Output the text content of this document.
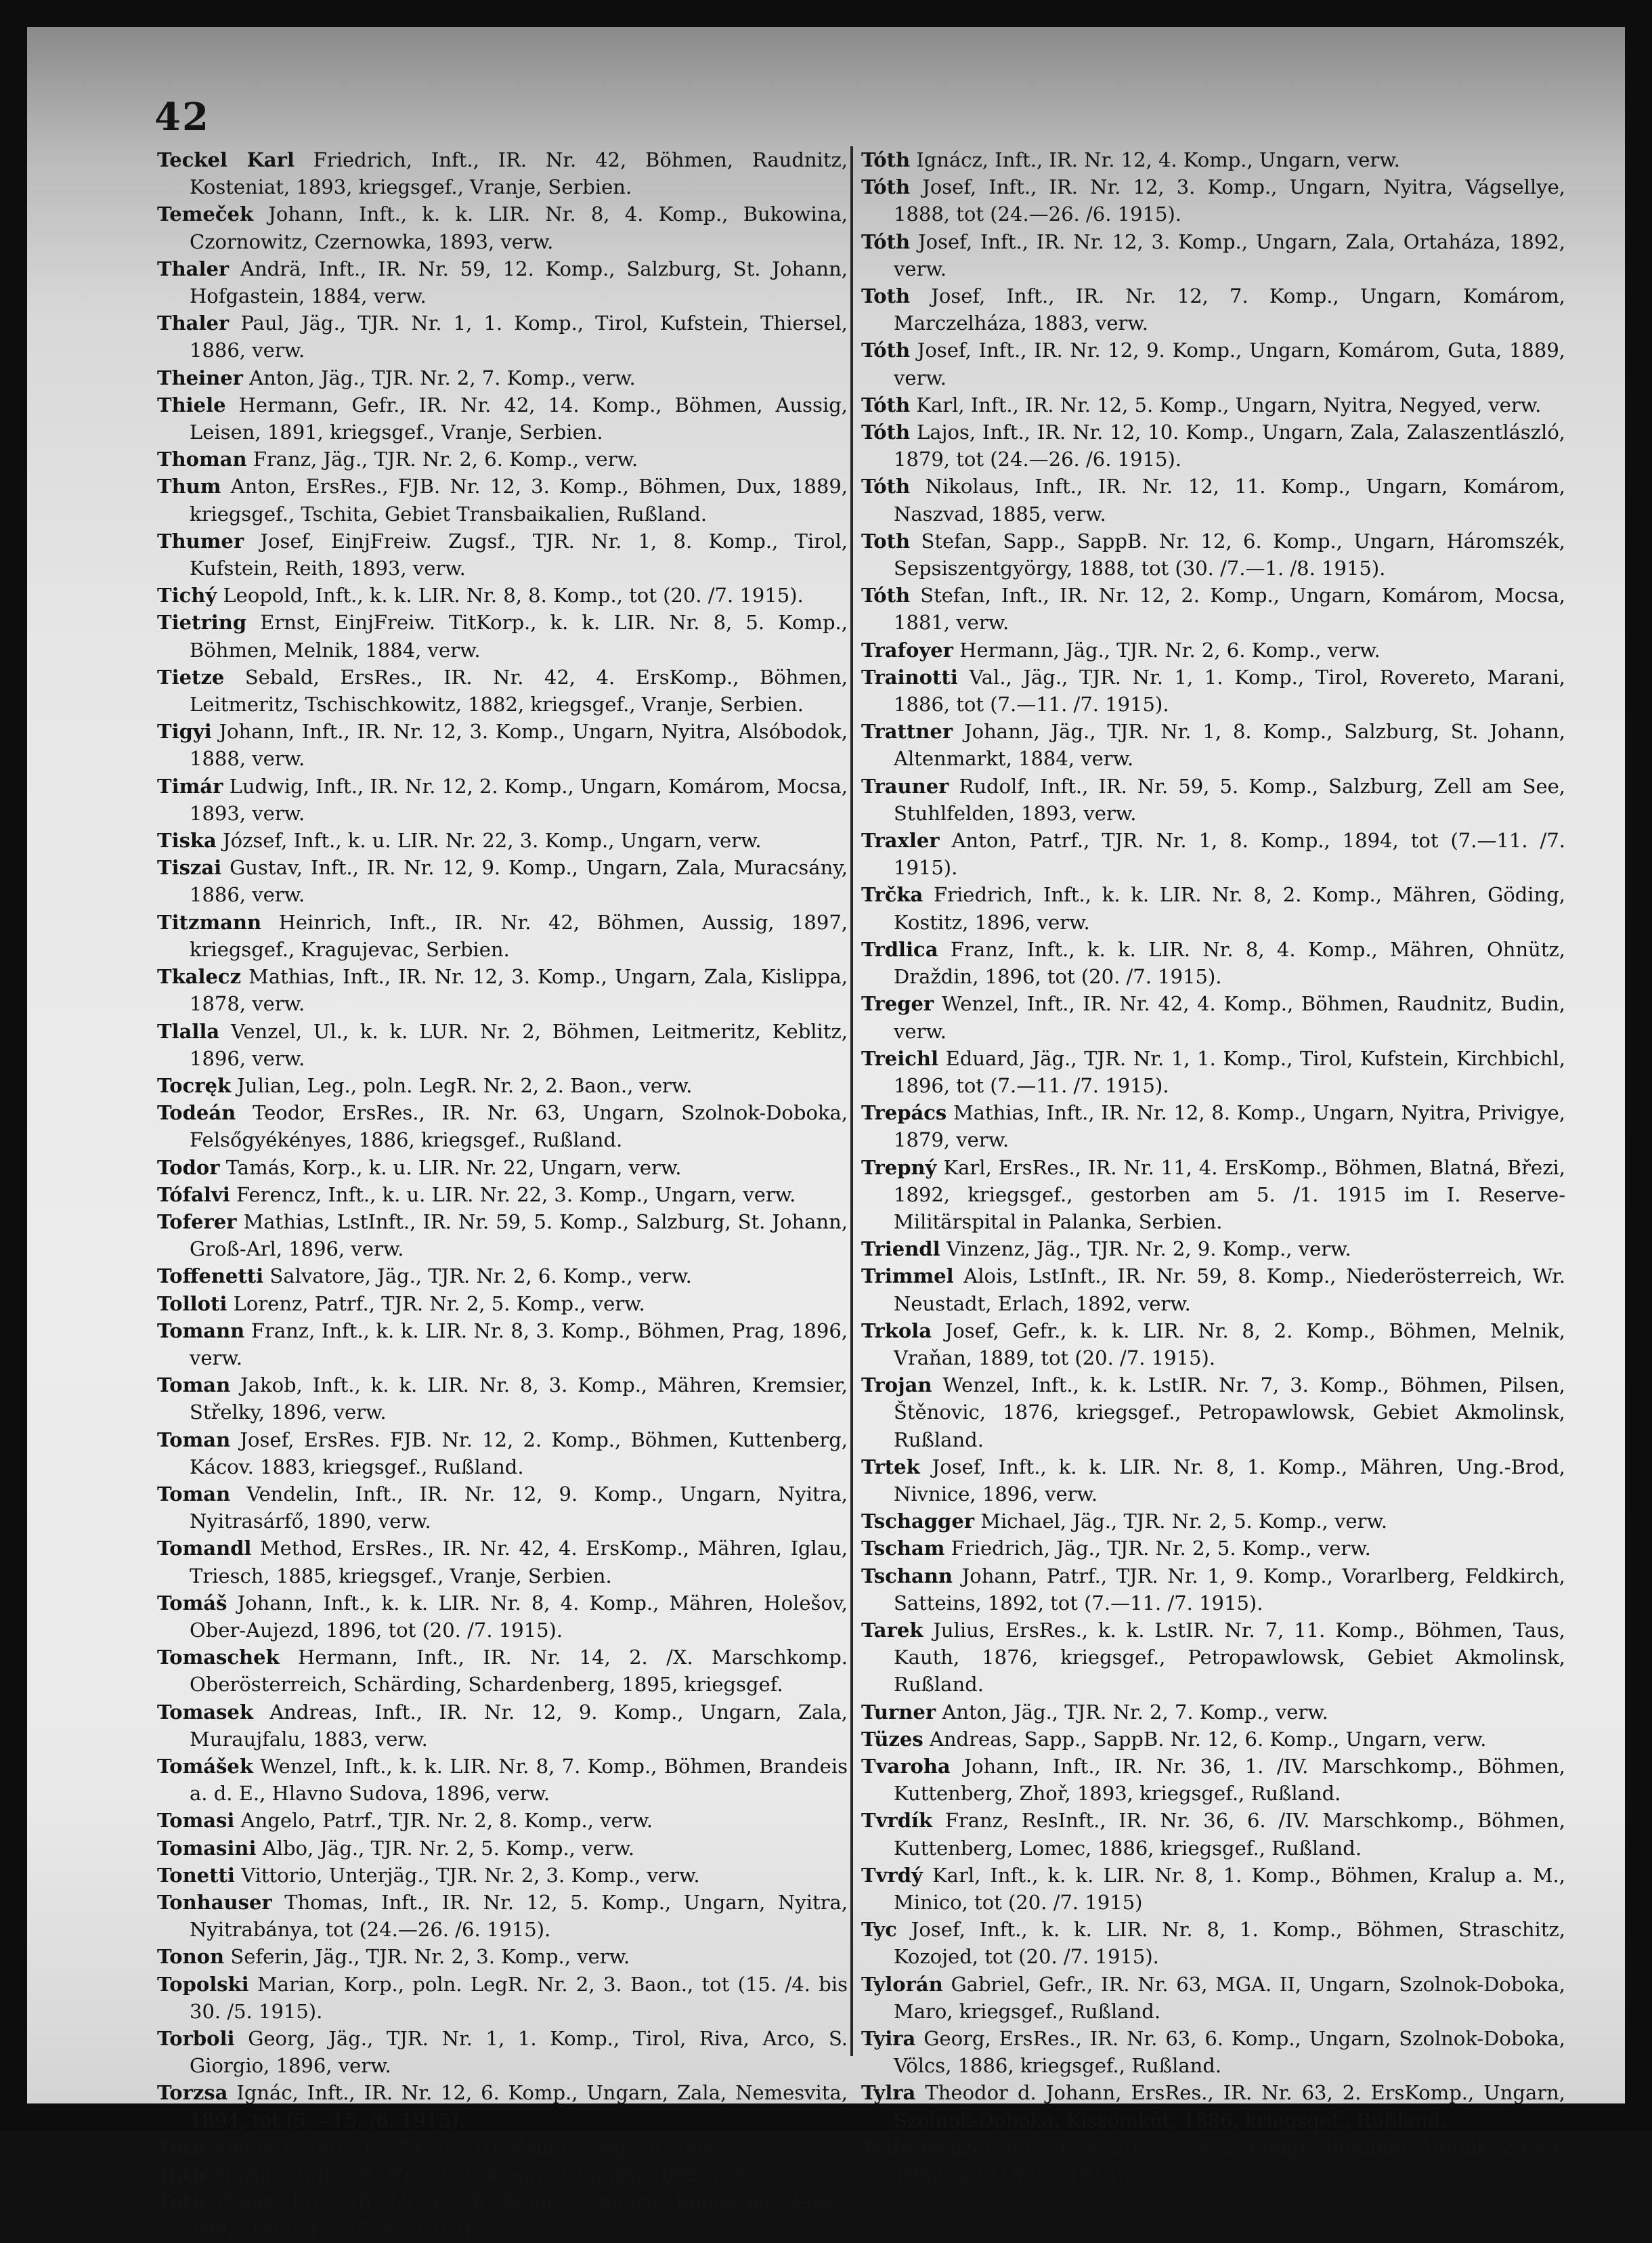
42

Teckel Karl Friedrich, Inft., IR. Nr. 42, Böhmen, Raudnitz, Kosteniat, 1893, kriegsgef., Vranje, Serbien.

Temeček Johann, Inft., k. k. LIR. Nr. 8, 4. Komp., Bukowina, Czornowitz, Czernowka, 1893, verw.

Thaler Andrä, Inft., IR. Nr. 59, 12. Komp., Salzburg, St. Johann, Hofgastein, 1884, verw.

Thaler Paul, Jäg., TJR. Nr. 1, 1. Komp., Tirol, Kufstein, Thiersel, 1886, verw.

Theiner Anton, Jäg., TJR. Nr. 2, 7. Komp., verw.

Thiele Hermann, Gefr., IR. Nr. 42, 14. Komp., Böhmen, Aussig, Leisen, 1891, kriegsgef., Vranje, Serbien.

Thoman Franz, Jäg., TJR. Nr. 2, 6. Komp., verw.

Thum Anton, ErsRes., FJB. Nr. 12, 3. Komp., Böhmen, Dux, 1889, kriegsgef., Tschita, Gebiet Transbaikalien, Rußland.

Thumer Josef, EinjFreiw. Zugsf., TJR. Nr. 1, 8. Komp., Tirol, Kufstein, Reith, 1893, verw.

Tichý Leopold, Inft., k. k. LIR. Nr. 8, 8. Komp., tot (20. /7. 1915).

Tietring Ernst, EinjFreiw. TitKorp., k. k. LIR. Nr. 8, 5. Komp., Böhmen, Melnik, 1884, verw.

Tietze Sebald, ErsRes., IR. Nr. 42, 4. ErsKomp., Böhmen, Leitmeritz, Tschischkowitz, 1882, kriegsgef., Vranje, Serbien.

Tigyi Johann, Inft., IR. Nr. 12, 3. Komp., Ungarn, Nyitra, Alsóbodok, 1888, verw.

Timár Ludwig, Inft., IR. Nr. 12, 2. Komp., Ungarn, Komárom, Mocsa, 1893, verw.

Tiska József, Inft., k. u. LIR. Nr. 22, 3. Komp., Ungarn, verw.

Tiszai Gustav, Inft., IR. Nr. 12, 9. Komp., Ungarn, Zala, Muracsány, 1886, verw.

Titzmann Heinrich, Inft., IR. Nr. 42, Böhmen, Aussig, 1897, kriegsgef., Kragujevac, Serbien.

Tkalecz Mathias, Inft., IR. Nr. 12, 3. Komp., Ungarn, Zala, Kislippa, 1878, verw.

Tlalla Venzel, Ul., k. k. LUR. Nr. 2, Böhmen, Leitmeritz, Keblitz, 1896, verw.

Tocręk Julian, Leg., poln. LegR. Nr. 2, 2. Baon., verw.

Todeán Teodor, ErsRes., IR. Nr. 63, Ungarn, Szolnok-Doboka, Felsőgyékényes, 1886, kriegsgef., Rußland.

Todor Tamás, Korp., k. u. LIR. Nr. 22, Ungarn, verw.

Tófalvi Ferencz, Inft., k. u. LIR. Nr. 22, 3. Komp., Ungarn, verw.

Toferer Mathias, LstInft., IR. Nr. 59, 5. Komp., Salzburg, St. Johann, Groß-Arl, 1896, verw.

Toffenetti Salvatore, Jäg., TJR. Nr. 2, 6. Komp., verw.

Tolloti Lorenz, Patrf., TJR. Nr. 2, 5. Komp., verw.

Tomann Franz, Inft., k. k. LIR. Nr. 8, 3. Komp., Böhmen, Prag, 1896, verw.

Toman Jakob, Inft., k. k. LIR. Nr. 8, 3. Komp., Mähren, Kremsier, Střelky, 1896, verw.

Toman Josef, ErsRes. FJB. Nr. 12, 2. Komp., Böhmen, Kuttenberg, Kácov. 1883, kriegsgef., Rußland.

Toman Vendelin, Inft., IR. Nr. 12, 9. Komp., Ungarn, Nyitra, Nyitrasárfő, 1890, verw.

Tomandl Method, ErsRes., IR. Nr. 42, 4. ErsKomp., Mähren, Iglau, Triesch, 1885, kriegsgef., Vranje, Serbien.

Tomáš Johann, Inft., k. k. LIR. Nr. 8, 4. Komp., Mähren, Holešov, Ober-Aujezd, 1896, tot (20. /7. 1915).

Tomaschek Hermann, Inft., IR. Nr. 14, 2. /X. Marschkomp. Oberösterreich, Schärding, Schardenberg, 1895, kriegsgef.

Tomasek Andreas, Inft., IR. Nr. 12, 9. Komp., Ungarn, Zala, Muraujfalu, 1883, verw.

Tomášek Wenzel, Inft., k. k. LIR. Nr. 8, 7. Komp., Böhmen, Brandeis a. d. E., Hlavno Sudova, 1896, verw.

Tomasi Angelo, Patrf., TJR. Nr. 2, 8. Komp., verw.

Tomasini Albo, Jäg., TJR. Nr. 2, 5. Komp., verw.

Tonetti Vittorio, Unterjäg., TJR. Nr. 2, 3. Komp., verw.

Tonhauser Thomas, Inft., IR. Nr. 12, 5. Komp., Ungarn, Nyitra, Nyitrabánya, tot (24.—26. /6. 1915).

Tonon Seferin, Jäg., TJR. Nr. 2, 3. Komp., verw.

Topolski Marian, Korp., poln. LegR. Nr. 2, 3. Baon., tot (15. /4. bis 30. /5. 1915).

Torboli Georg, Jäg., TJR. Nr. 1, 1. Komp., Tirol, Riva, Arco, S. Giorgio, 1896, verw.

Torzsa Ignác, Inft., IR. Nr. 12, 6. Komp., Ungarn, Zala, Nemesvita, 1894, tot (5.—15. /6. 1915).

Toth Emerich, Inft., IR. Nr. 12, 10. Komp., Ungarn, verw.

Tóth Florian, Inft., IR. Nr. 12, 3. Komp., Ungarn, 1892, verw.

Tóth Franz, Inft., IR. Nr. 12, 6. Komp., Ungarn, Komárom, Ászár, 1892, tot (24.—26. /6. 1915).

Tóth Ignácz, Inft., IR. Nr. 12, 4. Komp., Ungarn, verw.

Tóth Josef, Inft., IR. Nr. 12, 3. Komp., Ungarn, Nyitra, Vágsellye, 1888, tot (24.—26. /6. 1915).

Tóth Josef, Inft., IR. Nr. 12, 3. Komp., Ungarn, Zala, Ortaháza, 1892, verw.

Toth Josef, Inft., IR. Nr. 12, 7. Komp., Ungarn, Komárom, Marczelháza, 1883, verw.

Tóth Josef, Inft., IR. Nr. 12, 9. Komp., Ungarn, Komárom, Guta, 1889, verw.

Tóth Karl, Inft., IR. Nr. 12, 5. Komp., Ungarn, Nyitra, Negyed, verw.

Tóth Lajos, Inft., IR. Nr. 12, 10. Komp., Ungarn, Zala, Zalaszentlászló, 1879, tot (24.—26. /6. 1915).

Tóth Nikolaus, Inft., IR. Nr. 12, 11. Komp., Ungarn, Komárom, Naszvad, 1885, verw.

Toth Stefan, Sapp., SappB. Nr. 12, 6. Komp., Ungarn, Háromszék, Sepsiszentgyörgy, 1888, tot (30. /7.—1. /8. 1915).

Tóth Stefan, Inft., IR. Nr. 12, 2. Komp., Ungarn, Komárom, Mocsa, 1881, verw.

Trafoyer Hermann, Jäg., TJR. Nr. 2, 6. Komp., verw.

Trainotti Val., Jäg., TJR. Nr. 1, 1. Komp., Tirol, Rovereto, Marani, 1886, tot (7.—11. /7. 1915).

Trattner Johann, Jäg., TJR. Nr. 1, 8. Komp., Salzburg, St. Johann, Altenmarkt, 1884, verw.

Trauner Rudolf, Inft., IR. Nr. 59, 5. Komp., Salzburg, Zell am See, Stuhlfelden, 1893, verw.

Traxler Anton, Patrf., TJR. Nr. 1, 8. Komp., 1894, tot (7.—11. /7. 1915).

Trčka Friedrich, Inft., k. k. LIR. Nr. 8, 2. Komp., Mähren, Göding, Kostitz, 1896, verw.

Trdlica Franz, Inft., k. k. LIR. Nr. 8, 4. Komp., Mähren, Ohnütz, Draždin, 1896, tot (20. /7. 1915).

Treger Wenzel, Inft., IR. Nr. 42, 4. Komp., Böhmen, Raudnitz, Budin, verw.

Treichl Eduard, Jäg., TJR. Nr. 1, 1. Komp., Tirol, Kufstein, Kirchbichl, 1896, tot (7.—11. /7. 1915).

Trepács Mathias, Inft., IR. Nr. 12, 8. Komp., Ungarn, Nyitra, Privigye, 1879, verw.

Trepný Karl, ErsRes., IR. Nr. 11, 4. ErsKomp., Böhmen, Blatná, Březi, 1892, kriegsgef., gestorben am 5. /1. 1915 im I. Reserve-Militärspital in Palanka, Serbien.

Triendl Vinzenz, Jäg., TJR. Nr. 2, 9. Komp., verw.

Trimmel Alois, LstInft., IR. Nr. 59, 8. Komp., Niederösterreich, Wr. Neustadt, Erlach, 1892, verw.

Trkola Josef, Gefr., k. k. LIR. Nr. 8, 2. Komp., Böhmen, Melnik, Vraňan, 1889, tot (20. /7. 1915).

Trojan Wenzel, Inft., k. k. LstIR. Nr. 7, 3. Komp., Böhmen, Pilsen, Štěnovic, 1876, kriegsgef., Petropawlowsk, Gebiet Akmolinsk, Rußland.

Trtek Josef, Inft., k. k. LIR. Nr. 8, 1. Komp., Mähren, Ung.-Brod, Nivnice, 1896, verw.

Tschagger Michael, Jäg., TJR. Nr. 2, 5. Komp., verw.

Tscham Friedrich, Jäg., TJR. Nr. 2, 5. Komp., verw.

Tschann Johann, Patrf., TJR. Nr. 1, 9. Komp., Vorarlberg, Feldkirch, Satteins, 1892, tot (7.—11. /7. 1915).

Tarek Julius, ErsRes., k. k. LstIR. Nr. 7, 11. Komp., Böhmen, Taus, Kauth, 1876, kriegsgef., Petropawlowsk, Gebiet Akmolinsk, Rußland.

Turner Anton, Jäg., TJR. Nr. 2, 7. Komp., verw.

Tüzes Andreas, Sapp., SappB. Nr. 12, 6. Komp., Ungarn, verw.

Tvaroha Johann, Inft., IR. Nr. 36, 1. /IV. Marschkomp., Böhmen, Kuttenberg, Zhoř, 1893, kriegsgef., Rußland.

Tvrdík Franz, ResInft., IR. Nr. 36, 6. /IV. Marschkomp., Böhmen, Kuttenberg, Lomec, 1886, kriegsgef., Rußland.

Tvrdý Karl, Inft., k. k. LIR. Nr. 8, 1. Komp., Böhmen, Kralup a. M., Minico, tot (20. /7. 1915)

Tyc Josef, Inft., k. k. LIR. Nr. 8, 1. Komp., Böhmen, Straschitz, Kozojed, tot (20. /7. 1915).

Tylorán Gabriel, Gefr., IR. Nr. 63, MGA. II, Ungarn, Szolnok-Doboka, Maro, kriegsgef., Rußland.

Tyira Georg, ErsRes., IR. Nr. 63, 6. Komp., Ungarn, Szolnok-Doboka, Völcs, 1886, kriegsgef., Rußland.

Tylra Theodor d. Johann, ErsRes., IR. Nr. 63, 2. ErsKomp., Ungarn, Szolnok-Doboka, Kissomkút, 1886, kriegsgef., Rußland.

Tylle Wenzel, Inft., k. k. LIR. Nr. 8, 2. Komp., Böhmen, Melnik, Zaboř, 1882, tot (18. /7. 1915).
